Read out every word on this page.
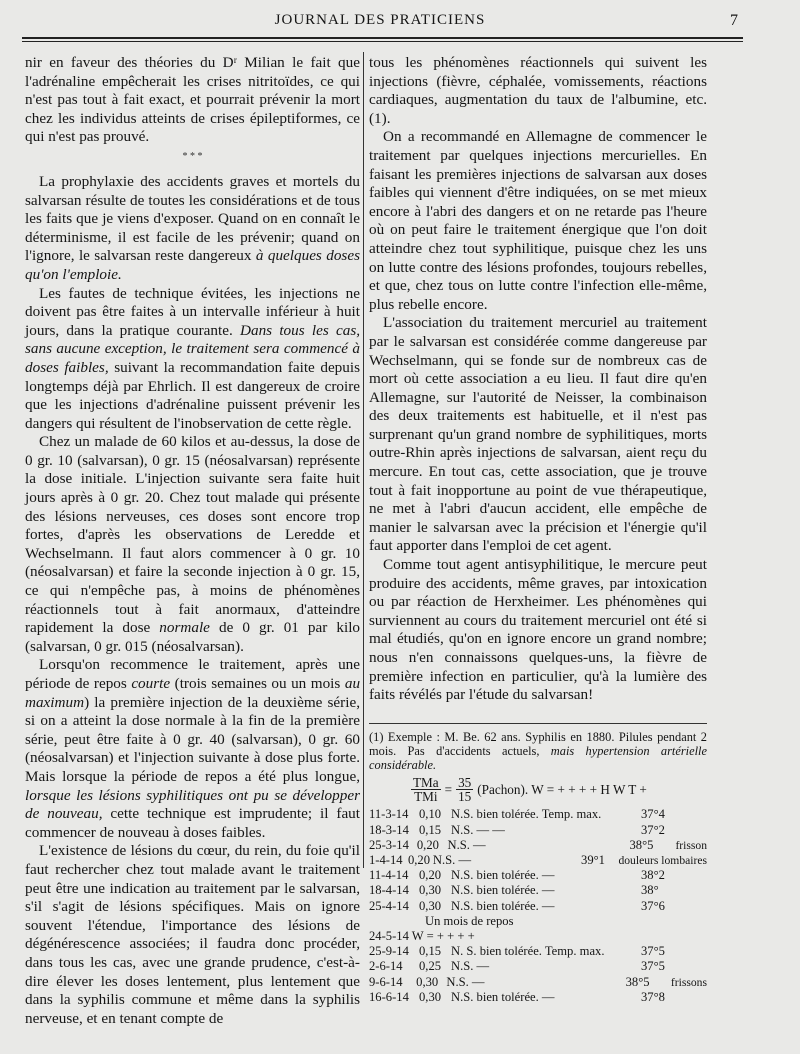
JOURNAL DES PRATICIENS	7

nir en faveur des théories du Dʳ Milian le fait que l'adrénaline empêcherait les crises nitritoïdes, ce qui n'est pas tout à fait exact, et pourrait prévenir la mort chez les individus atteints de crises épileptiformes, ce qui n'est pas prouvé.

* * *

La prophylaxie des accidents graves et mortels du salvarsan résulte de toutes les considérations et de tous les faits que je viens d'exposer. Quand on en connaît le déterminisme, il est facile de les prévenir; quand on l'ignore, le salvarsan reste dangereux à quelques doses qu'on l'emploie.

Les fautes de technique évitées, les injections ne doivent pas être faites à un intervalle inférieur à huit jours, dans la pratique courante. Dans tous les cas, sans aucune exception, le traitement sera commencé à doses faibles, suivant la recommandation faite depuis longtemps déjà par Ehrlich. Il est dangereux de croire que les injections d'adrénaline puissent prévenir les dangers qui résultent de l'inobservation de cette règle.

Chez un malade de 60 kilos et au-dessus, la dose de 0 gr. 10 (salvarsan), 0 gr. 15 (néosalvarsan) représente la dose initiale. L'injection suivante sera faite huit jours après à 0 gr. 20. Chez tout malade qui présente des lésions nerveuses, ces doses sont encore trop fortes, d'après les observations de Leredde et Wechselmann. Il faut alors commencer à 0 gr. 10 (néosalvarsan) et faire la seconde injection à 0 gr. 15, ce qui n'empêche pas, à moins de phénomènes réactionnels tout à fait anormaux, d'atteindre rapidement la dose normale de 0 gr. 01 par kilo (salvarsan, 0 gr. 015 (néosalvarsan).

Lorsqu'on recommence le traitement, après une période de repos courte (trois semaines ou un mois au maximum) la première injection de la deuxième série, si on a atteint la dose normale à la fin de la première série, peut être faite à 0 gr. 40 (salvarsan), 0 gr. 60 (néosalvarsan) et l'injection suivante à dose plus forte. Mais lorsque la période de repos a été plus longue, lorsque les lésions syphilitiques ont pu se développer de nouveau, cette technique est imprudente; il faut commencer de nouveau à doses faibles.

L'existence de lésions du cœur, du rein, du foie qu'il faut rechercher chez tout malade avant le traitement peut être une indication au traitement par le salvarsan, s'il s'agit de lésions spécifiques. Mais on ignore souvent l'étendue, l'importance des lésions de dégénérescence associées; il faudra donc procéder, dans tous les cas, avec une grande prudence, c'est-à-dire élever les doses lentement, plus lentement que dans la syphilis commune et même dans la syphilis nerveuse, et en tenant compte de

tous les phénomènes réactionnels qui suivent les injections (fièvre, céphalée, vomissements, réactions cardiaques, augmentation du taux de l'albumine, etc. (1).

On a recommandé en Allemagne de commencer le traitement par quelques injections mercurielles. En faisant les premières injections de salvarsan aux doses faibles qui viennent d'être indiquées, on se met mieux encore à l'abri des dangers et on ne retarde pas l'heure où on peut faire le traitement énergique que l'on doit atteindre chez tout syphilitique, puisque chez les uns on lutte contre des lésions profondes, toujours rebelles, et que, chez tous on lutte contre l'infection elle-même, plus rebelle encore.

L'association du traitement mercuriel au traitement par le salvarsan est considérée comme dangereuse par Wechselmann, qui se fonde sur de nombreux cas de mort où cette association a eu lieu. Il faut dire qu'en Allemagne, sur l'autorité de Neisser, la combinaison des deux traitements est habituelle, et il n'est pas surprenant qu'un grand nombre de syphilitiques, morts outre-Rhin après injections de salvarsan, aient reçu du mercure. En tout cas, cette association, que je trouve tout à fait inopportune au point de vue thérapeutique, ne met à l'abri d'aucun accident, elle empêche de manier le salvarsan avec la précision et l'énergie qu'il faut apporter dans l'emploi de cet agent.

Comme tout agent antisyphilitique, le mercure peut produire des accidents, même graves, par intoxication ou par réaction de Herxheimer. Les phénomènes qui surviennent au cours du traitement mercuriel ont été si mal étudiés, qu'on en ignore encore un grand nombre; nous n'en connaissons quelques-uns, la fièvre de première infection en particulier, qu'à la lumière des faits révélés par l'étude du salvarsan!

(1) Exemple : M. Be. 62 ans. Syphilis en 1880. Pilules pendant 2 mois. Pas d'accidents actuels, mais hypertension artérielle considérable.
$\frac{\text{TMa}}{\text{TMi}} = \frac{35}{15}$ (Pachon). W = + + + + H W T +
11-3-14 0,10 N.S. bien tolérée. Temp. max.	37°4
18-3-14 0,15 N.S. — —	37°2
25-3-14 0,20 N.S. —	38°5	frisson
1-4-14 0,20 N.S. —	39°1	douleurs lombaires
11-4-14 0,20 N.S. bien tolérée. —	38°2
18-4-14 0,30 N.S. bien tolérée. —	38°
25-4-14 0,30 N.S. bien tolérée. —	37°6
Un mois de repos
24-5-14 W = + + + +
25-9-14 0,15 N. S. bien tolérée. Temp. max.	37°5
2-6-14	0,25 N.S. —	37°5
9-6-14	0,30 N.S. —	38°5	frissons
16-6-14 0,30 N.S. bien tolérée. —	37°8
